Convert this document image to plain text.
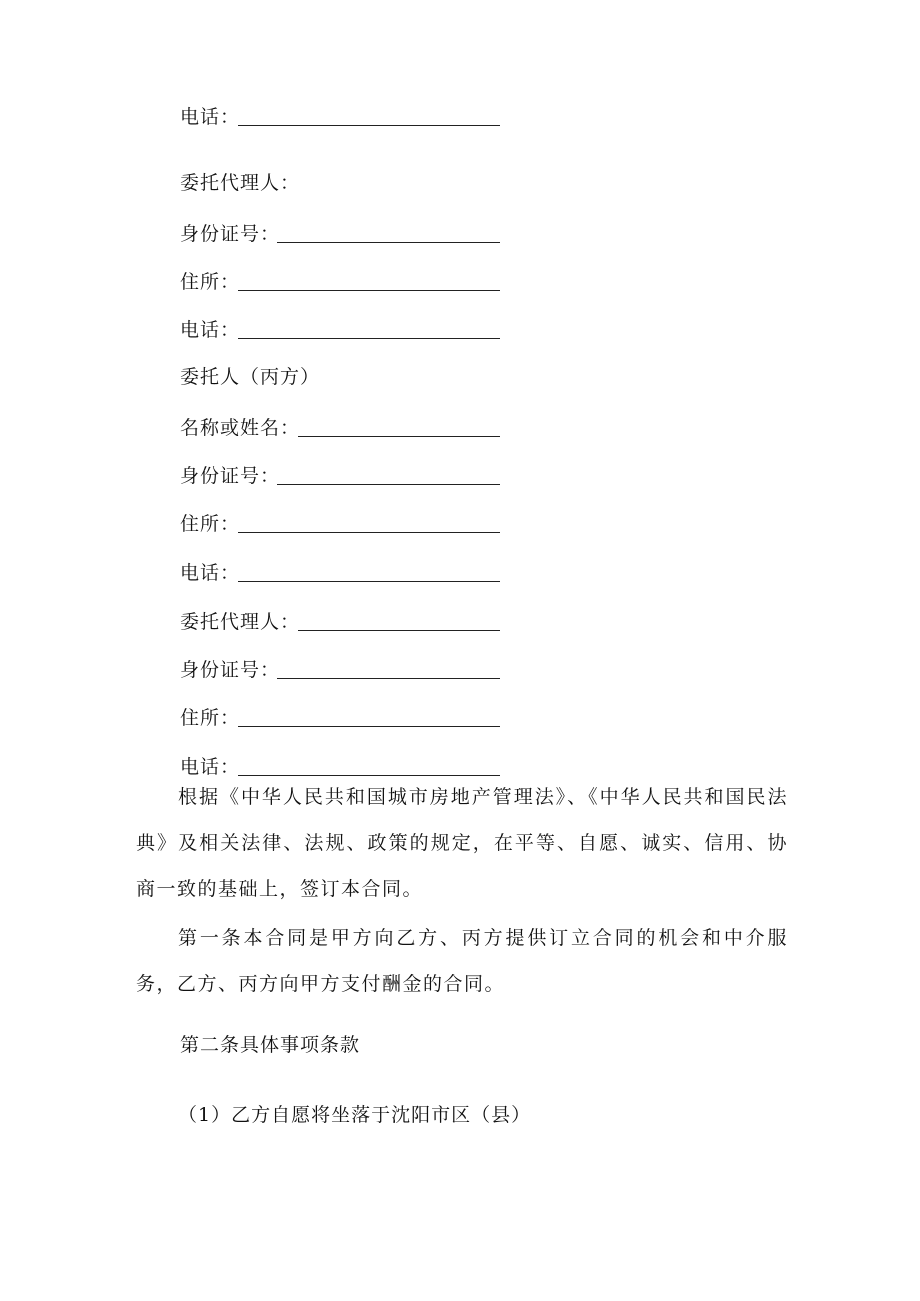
电话：
委托代理人：
身份证号：
住所：
电话：
委托人（丙方）
名称或姓名：
身份证号：
住所：
电话：
委托代理人：
身份证号：
住所：
电话：

根据《中华人民共和国城市房地产管理法》、《中华人民共和国民法典》及相关法律、法规、政策的规定，在平等、自愿、诚实、信用、协商一致的基础上，签订本合同。

第一条本合同是甲方向乙方、丙方提供订立合同的机会和中介服务，乙方、丙方向甲方支付酬金的合同。

第二条具体事项条款
（1）乙方自愿将坐落于沈阳市区（县）
